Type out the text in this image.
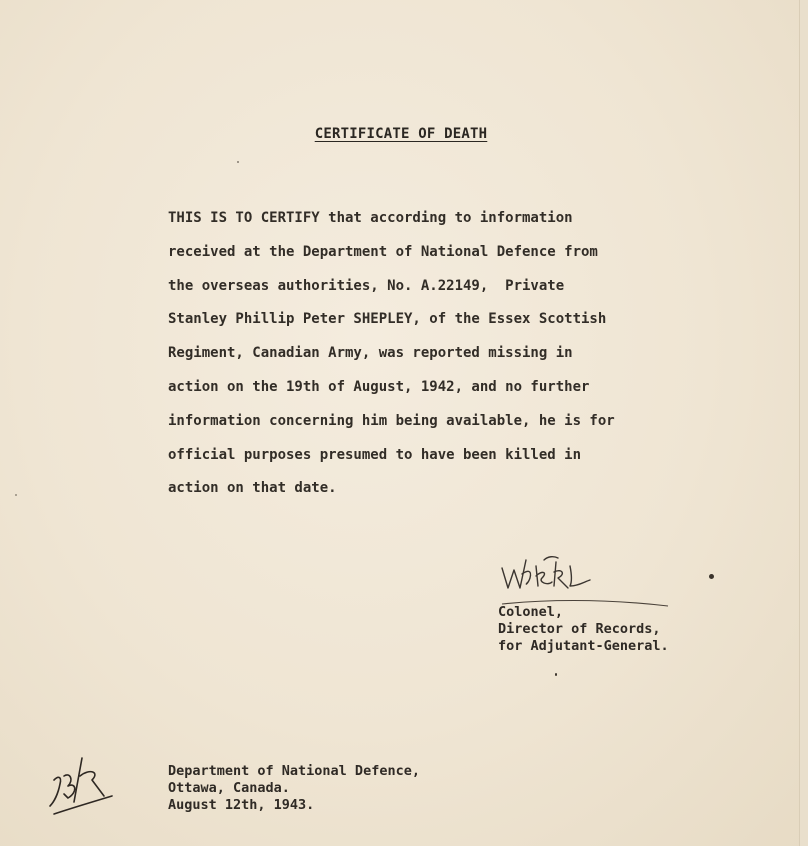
CERTIFICATE OF DEATH
THIS IS TO CERTIFY that according to information
received at the Department of National Defence from
the overseas authorities, No. A.22149,  Private
Stanley Phillip Peter SHEPLEY, of the Essex Scottish
Regiment, Canadian Army, was reported missing in
action on the 19th of August, 1942, and no further
information concerning him being available, he is for
official purposes presumed to have been killed in
action on that date.
Colonel,
Director of Records,
for Adjutant-General.
Department of National Defence,
Ottawa, Canada.
August 12th, 1943.
